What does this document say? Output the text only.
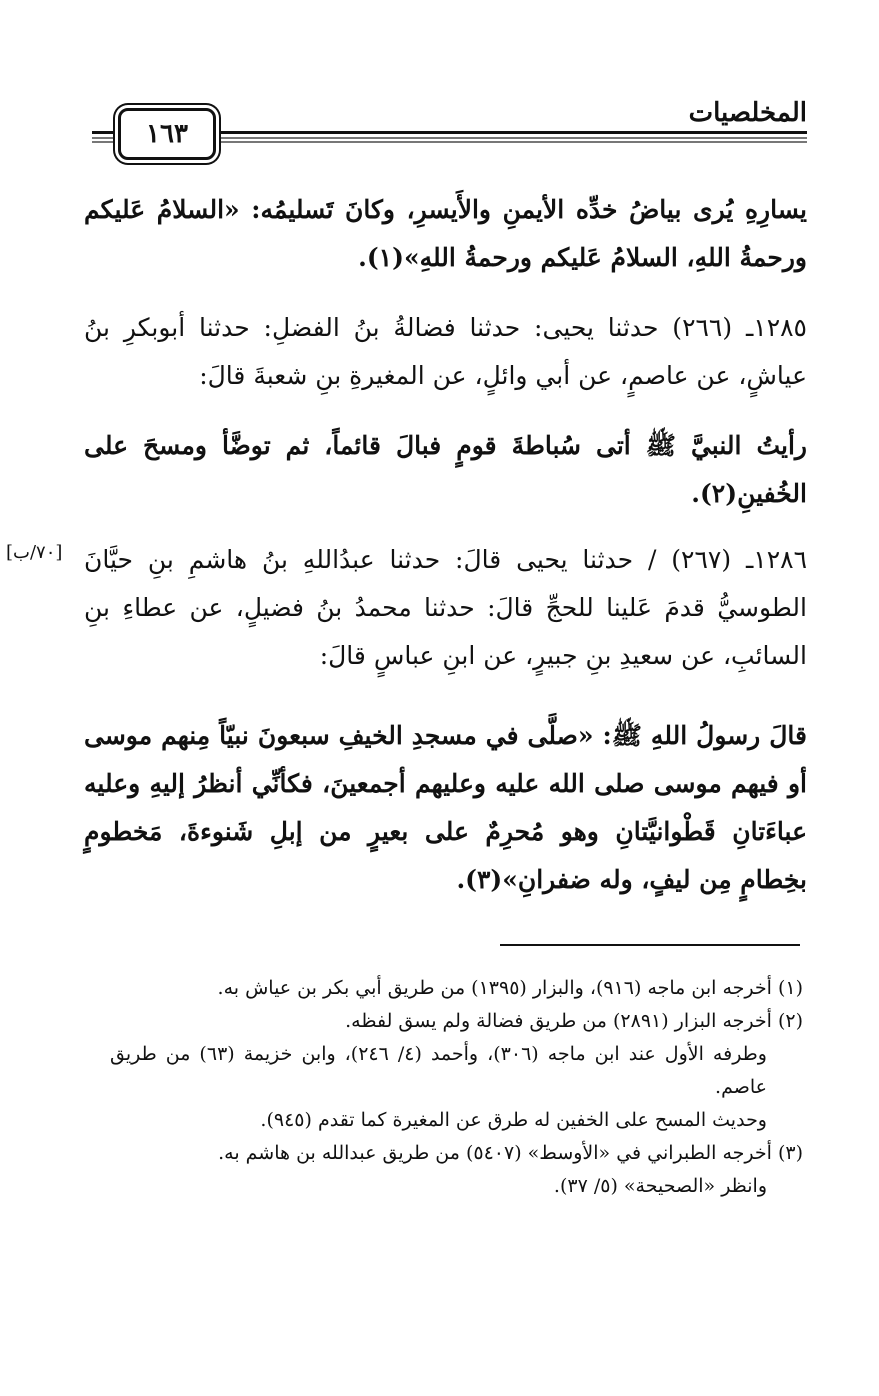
المخلصيات
١٦٣
يسارِهِ يُرى بياضُ خدِّه الأيمنِ والأَيسرِ، وكانَ تَسليمُه: «السلامُ عَليكم ورحمةُ اللهِ، السلامُ عَليكم ورحمةُ اللهِ»(١).
١٢٨٥ـ (٢٦٦) حدثنا يحيى: حدثنا فضالةُ بنُ الفضلِ: حدثنا أبوبكرِ بنُ عياشٍ، عن عاصمٍ، عن أبي وائلٍ، عن المغيرةِ بنِ شعبةَ قالَ:
رأيتُ النبيَّ ﷺ أتى سُباطةَ قومٍ فبالَ قائماً، ثم توضَّأ ومسحَ على الخُفينِ(٢).
[٧٠/ب] ١٢٨٦ـ (٢٦٧) / حدثنا يحيى قالَ: حدثنا عبدُاللهِ بنُ هاشمِ بنِ حيَّانَ الطوسيُّ قدمَ عَلينا للحجِّ قالَ: حدثنا محمدُ بنُ فضيلٍ، عن عطاءِ بنِ السائبِ، عن سعيدِ بنِ جبيرٍ، عن ابنِ عباسٍ قالَ:
قالَ رسولُ اللهِ ﷺ: «صلَّى في مسجدِ الخيفِ سبعونَ نبيّاً مِنهم موسى أو فيهم موسى صلى الله عليه وعليهم أجمعينَ، فكأنِّي أنظرُ إليهِ وعليه عباءَتانِ قَطْوانيَّتانِ وهو مُحرِمٌ على بعيرٍ من إبلِ شَنوءةَ، مَخطومٍ بخِطامٍ مِن ليفٍ، وله ضفرانِ»(٣).

(١) أخرجه ابن ماجه (٩١٦)، والبزار (١٣٩٥) من طريق أبي بكر بن عياش به.

(٢) أخرجه البزار (٢٨٩١) من طريق فضالة ولم يسق لفظه.

وطرفه الأول عند ابن ماجه (٣٠٦)، وأحمد (٤/ ٢٤٦)، وابن خزيمة (٦٣) من طريق عاصم.

وحديث المسح على الخفين له طرق عن المغيرة كما تقدم (٩٤٥).

(٣) أخرجه الطبراني في «الأوسط» (٥٤٠٧) من طريق عبدالله بن هاشم به.

وانظر «الصحيحة» (٥/ ٣٧).
